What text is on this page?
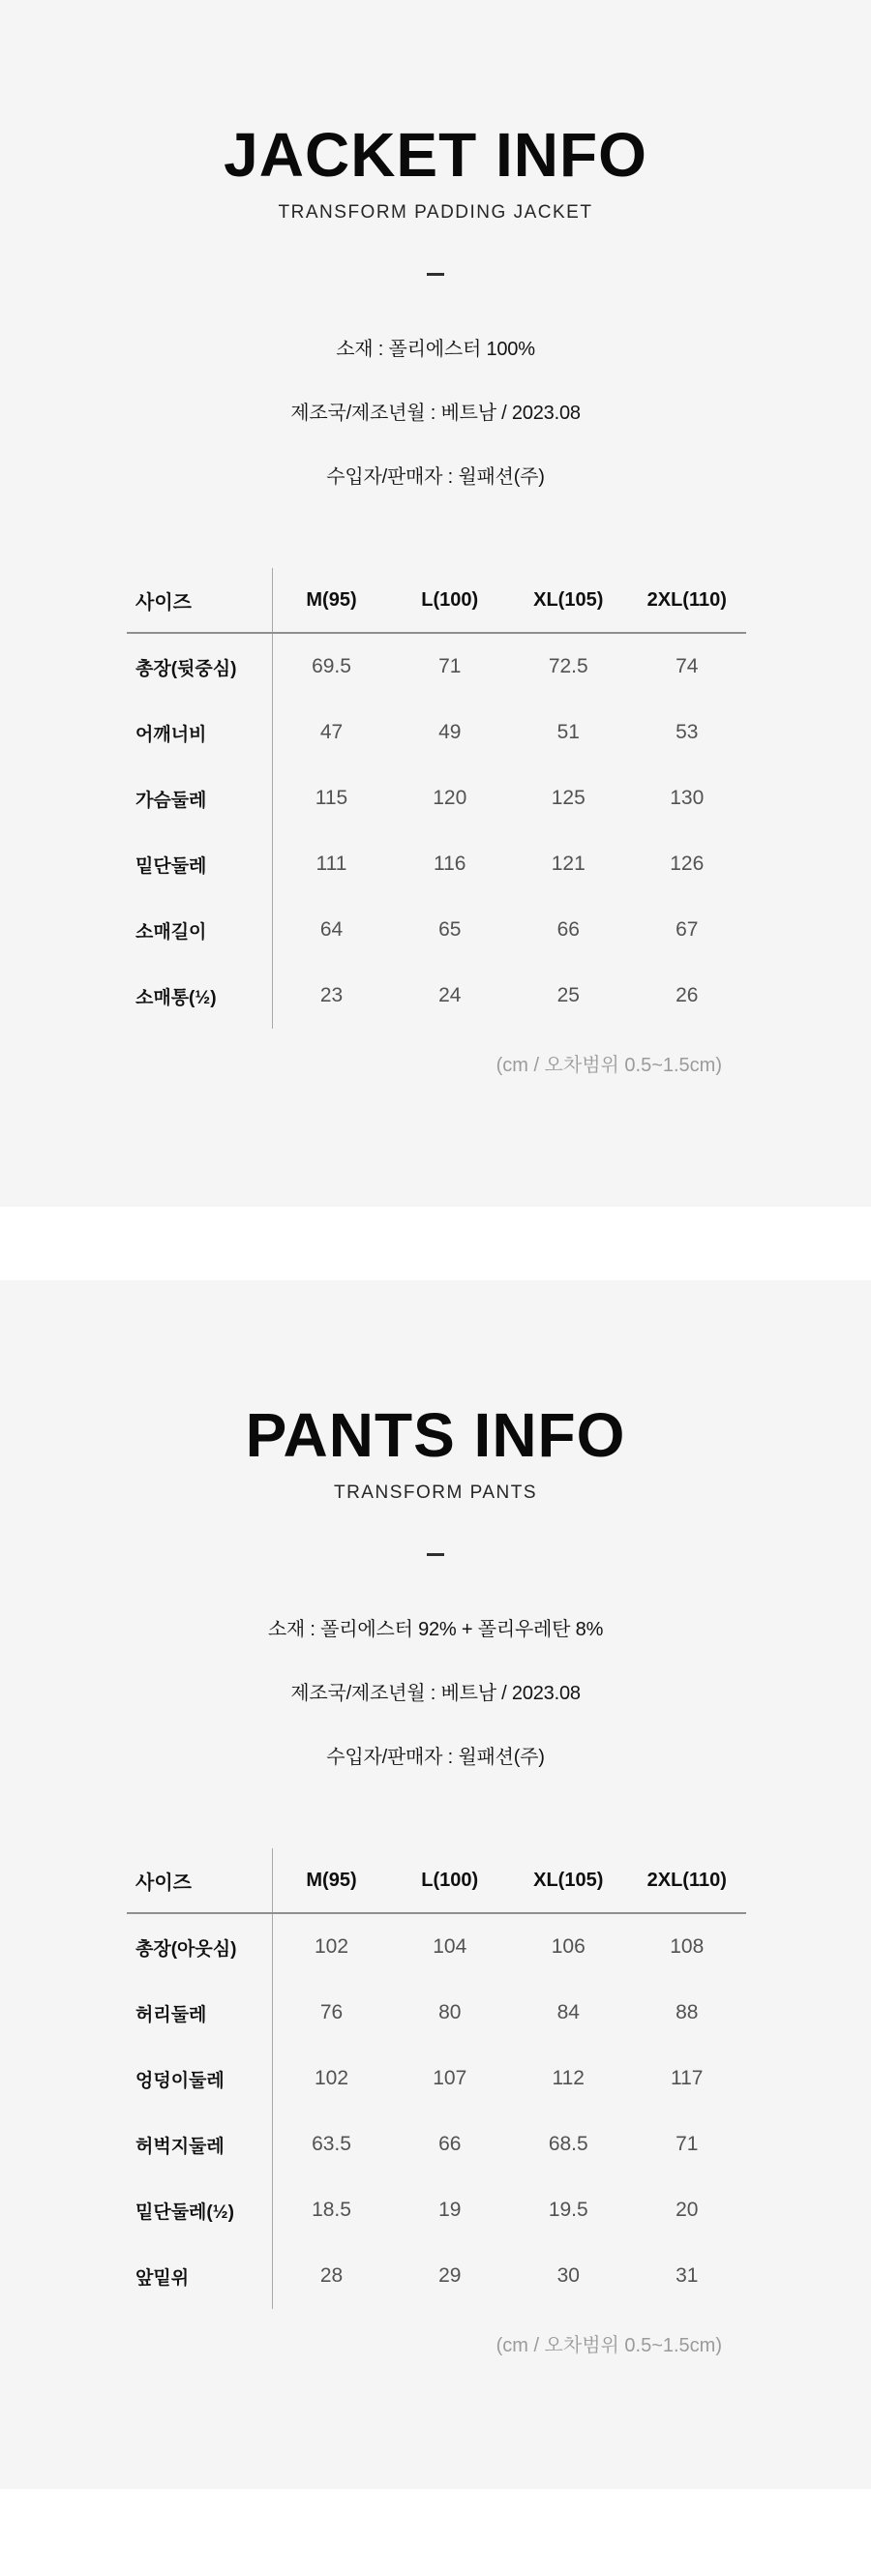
JACKET INFO

TRANSFORM PADDING JACKET

소재 : 폴리에스터 100%

제조국/제조년월 : 베트남 / 2023.08

수입자/판매자 : 윌패션(주)

사이즈	M(95)	L(100)	XL(105)	2XL(110)
총장(뒷중심)	69.5	71	72.5	74
어깨너비	47	49	51	53
가슴둘레	115	120	125	130
밑단둘레	111	116	121	126
소매길이	64	65	66	67
소매통(½)	23	24	25	26

(cm / 오차범위 0.5~1.5cm)

PANTS INFO

TRANSFORM PANTS

소재 : 폴리에스터 92% + 폴리우레탄 8%

제조국/제조년월 : 베트남 / 2023.08

수입자/판매자 : 윌패션(주)

사이즈	M(95)	L(100)	XL(105)	2XL(110)
총장(아웃심)	102	104	106	108
허리둘레	76	80	84	88
엉덩이둘레	102	107	112	117
허벅지둘레	63.5	66	68.5	71
밑단둘레(½)	18.5	19	19.5	20
앞밑위	28	29	30	31

(cm / 오차범위 0.5~1.5cm)
